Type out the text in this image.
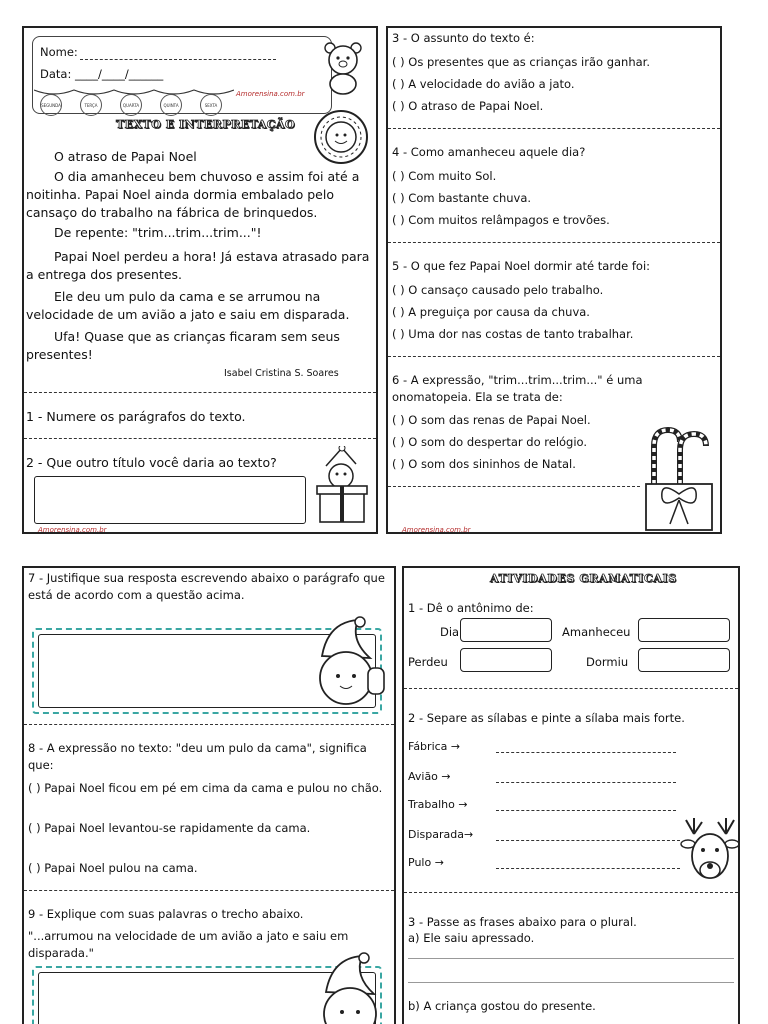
Nome:
Data: ____/____/______
SEGUNDA	TERÇA	QUARTA	QUINTA	SEXTA
Amorensina.com.br
TEXTO E INTERPRETAÇÃO
O atraso de Papai Noel
O dia amanheceu bem chuvoso e assim foi até a noitinha. Papai Noel ainda dormia embalado pelo cansaço do trabalho na fábrica de brinquedos.
De repente: "trim...trim...trim..."!
Papai Noel perdeu a hora! Já estava atrasado para a entrega dos presentes.
Ele deu um pulo da cama e se arrumou na velocidade de um avião a jato e saiu em disparada.
Ufa! Quase que as crianças ficaram sem seus presentes!
Isabel Cristina S. Soares
1 - Numere os parágrafos do texto.
2 - Que outro título você daria ao texto?
Amorensina.com.br
3 - O assunto do texto é:
( ) Os presentes que as crianças irão ganhar.
( ) A velocidade do avião a jato.
( ) O atraso de Papai Noel.
4 - Como amanheceu aquele dia?
( ) Com muito Sol.
( ) Com bastante chuva.
( ) Com muitos relâmpagos e trovões.
5 - O que fez Papai Noel dormir até tarde foi:
( ) O cansaço causado pelo trabalho.
( ) A preguiça por causa da chuva.
( ) Uma dor nas costas de tanto trabalhar.
6 - A expressão, "trim...trim...trim..." é uma
onomatopeia. Ela se trata de:
( ) O som das renas de Papai Noel.
( ) O som do despertar do relógio.
( ) O som dos sininhos de Natal.
Amorensina.com.br
7 - Justifique sua resposta escrevendo abaixo o parágrafo que está de acordo com a questão acima.
8 - A expressão no texto: "deu um pulo da cama", significa que:
( ) Papai Noel ficou em pé em cima da cama e pulou no chão.
( ) Papai Noel levantou-se rapidamente da cama.
( ) Papai Noel pulou na cama.
9 - Explique com suas palavras o trecho abaixo.
"...arrumou na velocidade de um avião a jato e saiu em disparada."
ATIVIDADES GRAMATICAIS
1 - Dê o antônimo de:
Dia	Amanheceu
Perdeu	Dormiu
2 - Separe as sílabas e pinte a sílaba mais forte.
Fábrica →
Avião →
Trabalho →
Disparada→
Pulo →
3 - Passe as frases abaixo para o plural.
a) Ele saiu apressado.
b) A criança gostou do presente.
